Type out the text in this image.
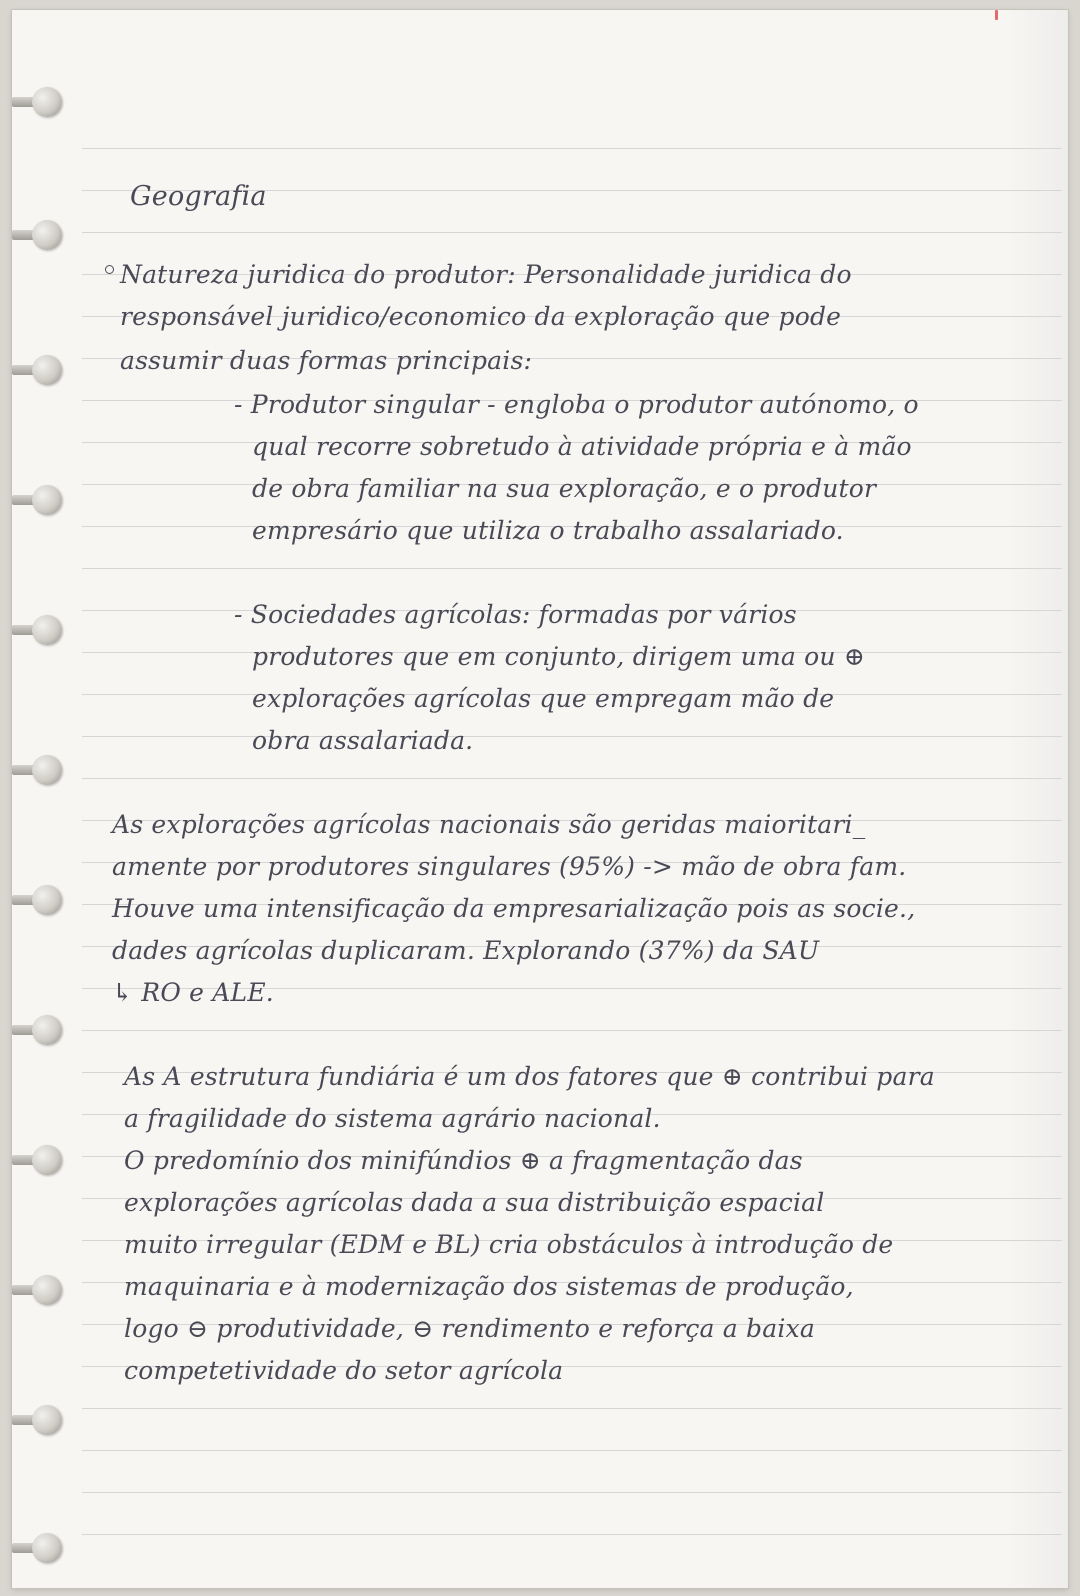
Geografia
Natureza juridica do produtor: Personalidade juridica do
responsável juridico/economico da exploração que pode
assumir duas formas principais:
- Produtor singular - engloba o produtor autónomo, o
qual recorre sobretudo à atividade própria e à mão
de obra familiar na sua exploração, e o produtor
empresário que utiliza o trabalho assalariado.
- Sociedades agrícolas: formadas por vários
produtores que em conjunto, dirigem uma ou ⊕
explorações agrícolas que empregam mão de
obra assalariada.
As explorações agrícolas nacionais são geridas maioritari_
amente por produtores singulares (95%) -> mão de obra fam.
Houve uma intensificação da empresarialização pois as socie.,
dades agrícolas duplicaram. Explorando (37%) da SAU
↳ RO e ALE.
As A estrutura fundiária é um dos fatores que ⊕ contribui para
a fragilidade do sistema agrário nacional.
O predomínio dos minifúndios ⊕ a fragmentação das
explorações agrícolas dada a sua distribuição espacial
muito irregular (EDM e BL) cria obstáculos à introdução de
maquinaria e à modernização dos sistemas de produção,
logo ⊖ produtividade, ⊖ rendimento e reforça a baixa
competetividade do setor agrícola
